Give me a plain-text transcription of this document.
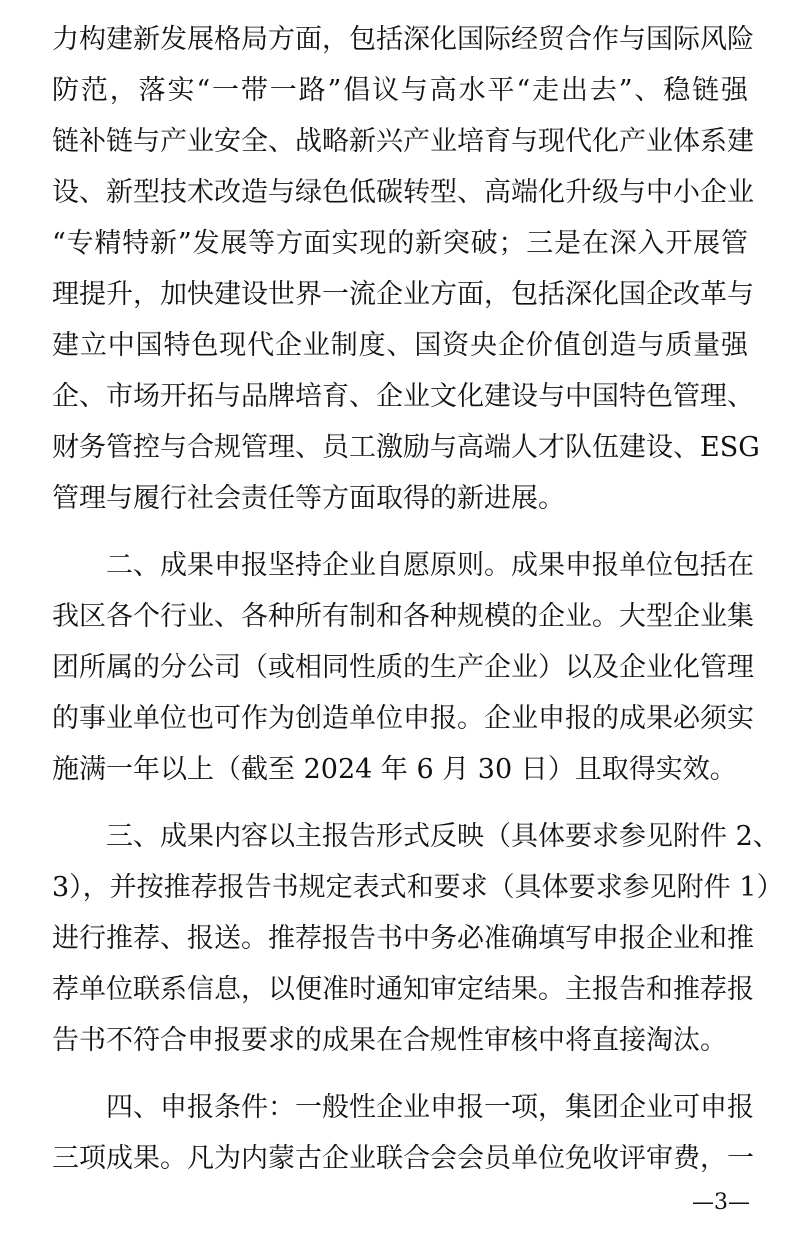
力构建新发展格局方面，包括深化国际经贸合作与国际风险
防范，落实“一带一路”倡议与高水平“走出去”、稳链强
链补链与产业安全、战略新兴产业培育与现代化产业体系建
设、新型技术改造与绿色低碳转型、高端化升级与中小企业
“专精特新”发展等方面实现的新突破；三是在深入开展管
理提升，加快建设世界一流企业方面，包括深化国企改革与
建立中国特色现代企业制度、国资央企价值创造与质量强
企、市场开拓与品牌培育、企业文化建设与中国特色管理、
财务管控与合规管理、员工激励与高端人才队伍建设、ESG
管理与履行社会责任等方面取得的新进展。
二、成果申报坚持企业自愿原则。成果申报单位包括在
我区各个行业、各种所有制和各种规模的企业。大型企业集
团所属的分公司（或相同性质的生产企业）以及企业化管理
的事业单位也可作为创造单位申报。企业申报的成果必须实
施满一年以上（截至 2024 年 6 月 30 日）且取得实效。
三、成果内容以主报告形式反映（具体要求参见附件 2、
3），并按推荐报告书规定表式和要求（具体要求参见附件 1）
进行推荐、报送。推荐报告书中务必准确填写申报企业和推
荐单位联系信息，以便准时通知审定结果。主报告和推荐报
告书不符合申报要求的成果在合规性审核中将直接淘汰。
四、申报条件：一般性企业申报一项，集团企业可申报
三项成果。凡为内蒙古企业联合会会员单位免收评审费，一
—3—
